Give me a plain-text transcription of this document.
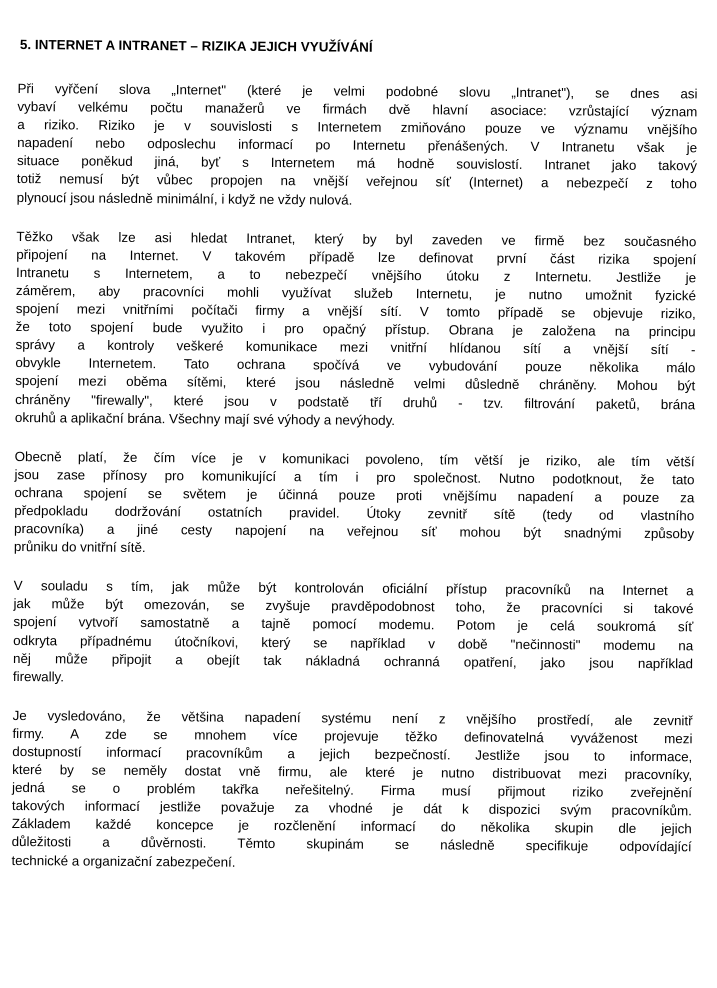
5. INTERNET A INTRANET – RIZIKA JEJICH VYUŽÍVÁNÍ
Při vyřčení slova „Internet" (které je velmi podobné slovu „Intranet"), se dnes asi
vybaví velkému počtu manažerů ve firmách dvě hlavní asociace: vzrůstající význam
a riziko. Riziko je v souvislosti s Internetem zmiňováno pouze ve významu vnějšího
napadení nebo odposlechu informací po Internetu přenášených. V Intranetu však je
situace poněkud jiná, byť s Internetem má hodně souvislostí. Intranet jako takový
totiž nemusí být vůbec propojen na vnější veřejnou síť (Internet) a nebezpečí z toho
plynoucí jsou následně minimální, i když ne vždy nulová.
Těžko však lze asi hledat Intranet, který by byl zaveden ve firmě bez současného
připojení na Internet. V takovém případě lze definovat první část rizika spojení
Intranetu s Internetem, a to nebezpečí vnějšího útoku z Internetu. Jestliže je
záměrem, aby pracovníci mohli využívat služeb Internetu, je nutno umožnit fyzické
spojení mezi vnitřními počítači firmy a vnější sítí. V tomto případě se objevuje riziko,
že toto spojení bude využito i pro opačný přístup. Obrana je založena na principu
správy a kontroly veškeré komunikace mezi vnitřní hlídanou sítí a vnější sítí -
obvykle Internetem. Tato ochrana spočívá ve vybudování pouze několika málo
spojení mezi oběma sítěmi, které jsou následně velmi důsledně chráněny. Mohou být
chráněny "firewally", které jsou v podstatě tří druhů - tzv. filtrování paketů, brána
okruhů a aplikační brána. Všechny mají své výhody a nevýhody.
Obecně platí, že čím více je v komunikaci povoleno, tím větší je riziko, ale tím větší
jsou zase přínosy pro komunikující a tím i pro společnost. Nutno podotknout, že tato
ochrana spojení se světem je účinná pouze proti vnějšímu napadení a pouze za
předpokladu dodržování ostatních pravidel. Útoky zevnitř sítě (tedy od vlastního
pracovníka) a jiné cesty napojení na veřejnou síť mohou být snadnými způsoby
průniku do vnitřní sítě.
V souladu s tím, jak může být kontrolován oficiální přístup pracovníků na Internet a
jak může být omezován, se zvyšuje pravděpodobnost toho, že pracovníci si takové
spojení vytvoří samostatně a tajně pomocí modemu. Potom je celá soukromá síť
odkryta případnému útočníkovi, který se například v době "nečinnosti" modemu na
něj může připojit a obejít tak nákladná ochranná opatření, jako jsou například
firewally.
Je vysledováno, že většina napadení systému není z vnějšího prostředí, ale zevnitř
firmy. A zde se mnohem více projevuje těžko definovatelná vyváženost mezi
dostupností informací pracovníkům a jejich bezpečností. Jestliže jsou to informace,
které by se neměly dostat vně firmu, ale které je nutno distribuovat mezi pracovníky,
jedná se o problém takřka neřešitelný. Firma musí přijmout riziko zveřejnění
takových informací jestliže považuje za vhodné je dát k dispozici svým pracovníkům.
Základem každé koncepce je rozčlenění informací do několika skupin dle jejich
důležitosti a důvěrnosti. Těmto skupinám se následně specifikuje odpovídající
technické a organizační zabezpečení.
